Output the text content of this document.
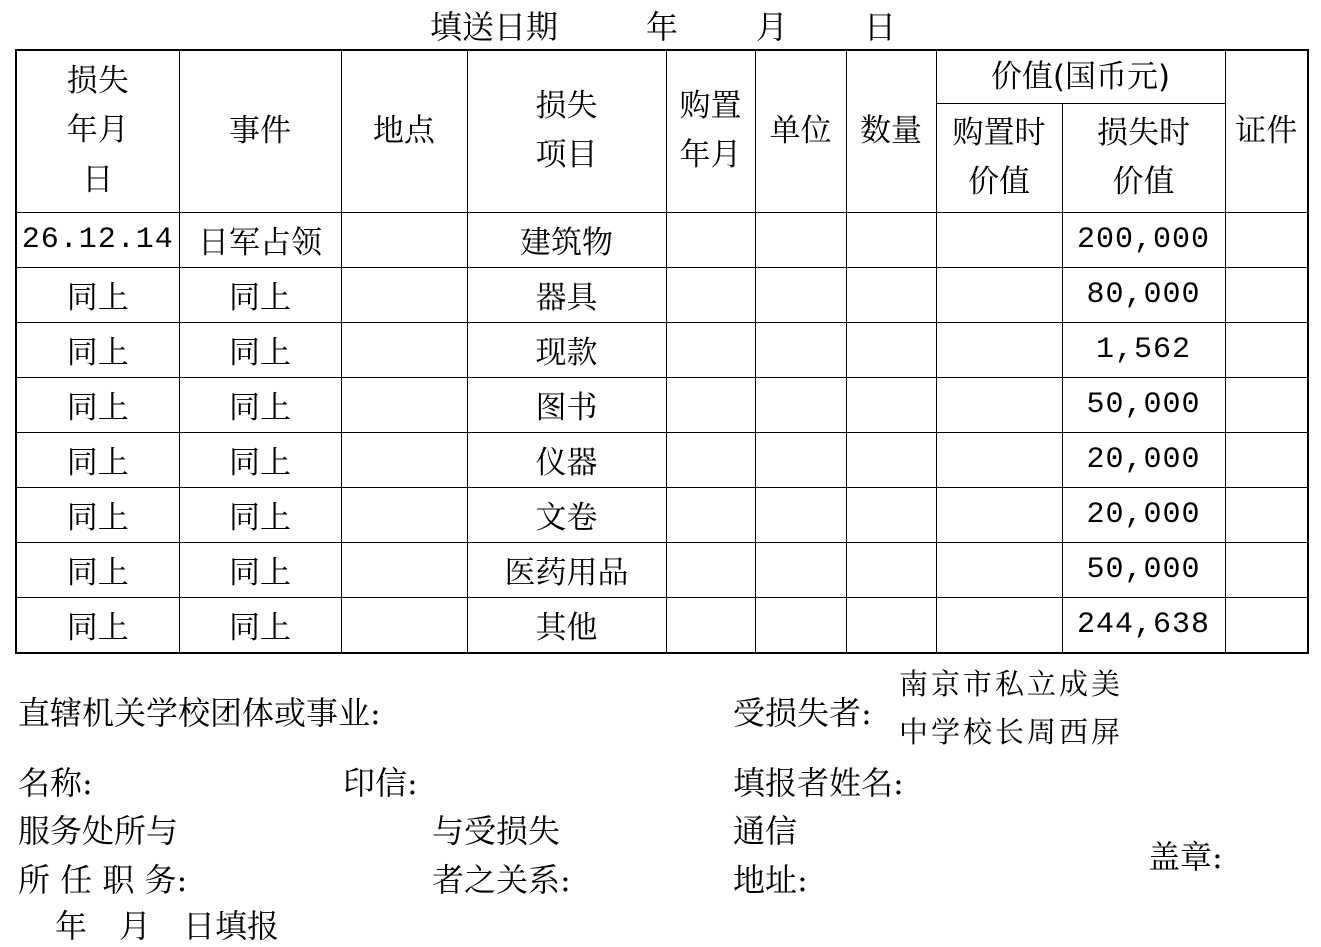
填送日期	年 月 日
损失年月日	事件	地点	损失项目	购置年月	单位	数量	价值(国币元)		证件

							购置时价值	损失时价值	

26.12.14	日军占领		建筑物					200,000	
同上	同上		器具					80,000	
同上	同上		现款					1,562	
同上	同上		图书					50,000	
同上	同上		仪器					20,000	
同上	同上		文卷					20,000	
同上	同上		医药用品					50,000	
同上	同上		其他					244,638	
直辖机关学校团体或事业:	受损失者:
南京市私立成美
中学校长周西屏
名称:	印信:	填报者姓名:
服务处所与
所 任 职 务:
与受损失
者之关系:
通信
地址:
盖章:
年　月　日填报
